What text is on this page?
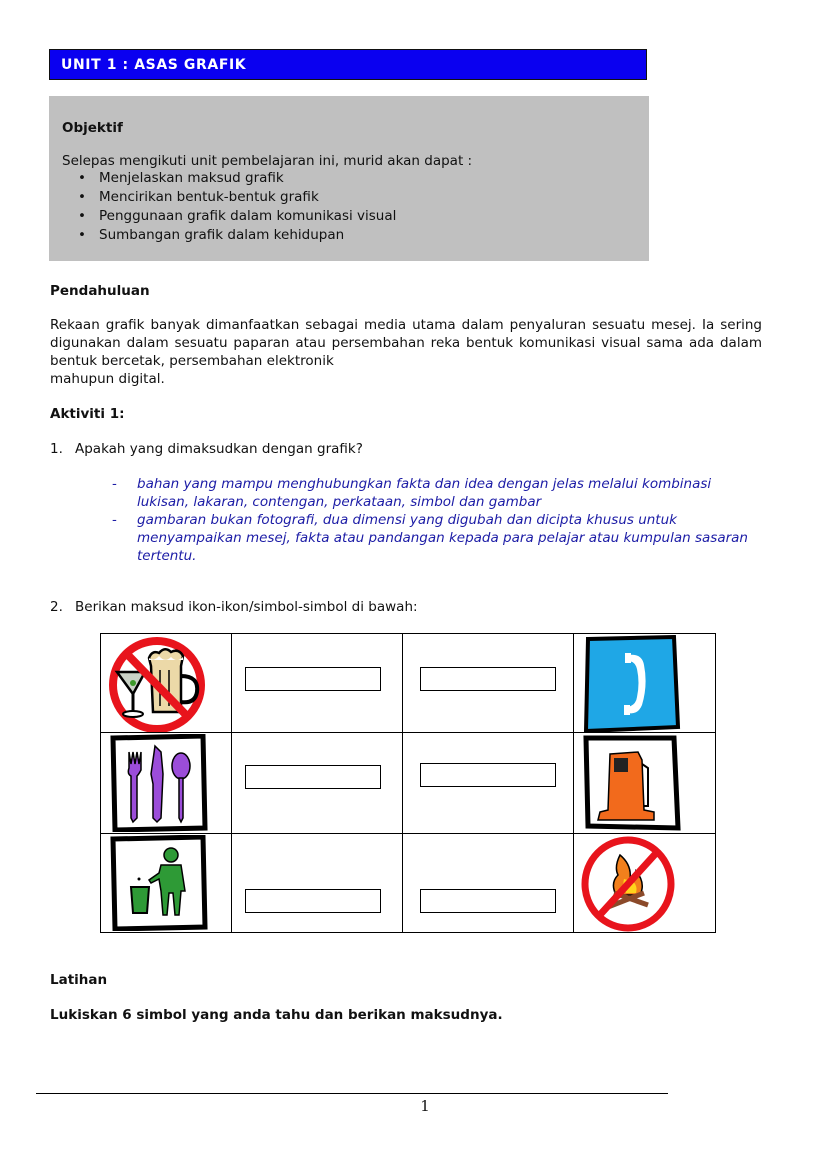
UNIT 1 : ASAS GRAFIK
Objektif
Selepas mengikuti unit pembelajaran ini, murid akan dapat :
• Menjelaskan maksud grafik
• Mencirikan bentuk-bentuk grafik
• Penggunaan grafik dalam komunikasi visual
• Sumbangan grafik dalam kehidupan
Pendahuluan
Rekaan grafik banyak dimanfaatkan sebagai media utama dalam penyaluran sesuatu mesej. Ia sering digunakan dalam sesuatu paparan atau persembahan reka bentuk komunikasi visual sama ada dalam bentuk bercetak, persembahan elektronik
mahupun digital.
Aktiviti 1:
1. Apakah yang dimaksudkan dengan grafik?
- bahan yang mampu menghubungkan fakta dan idea dengan jelas melalui kombinasi lukisan, lakaran, contengan, perkataan, simbol dan gambar
- gambaran bukan fotografi, dua dimensi yang digubah dan dicipta khusus untuk menyampaikan mesej, fakta atau pandangan kepada para pelajar atau kumpulan sasaran tertentu.
2. Berikan maksud ikon-ikon/simbol-simbol di bawah:

Latihan
Lukiskan 6 simbol yang anda tahu dan berikan maksudnya.
1
